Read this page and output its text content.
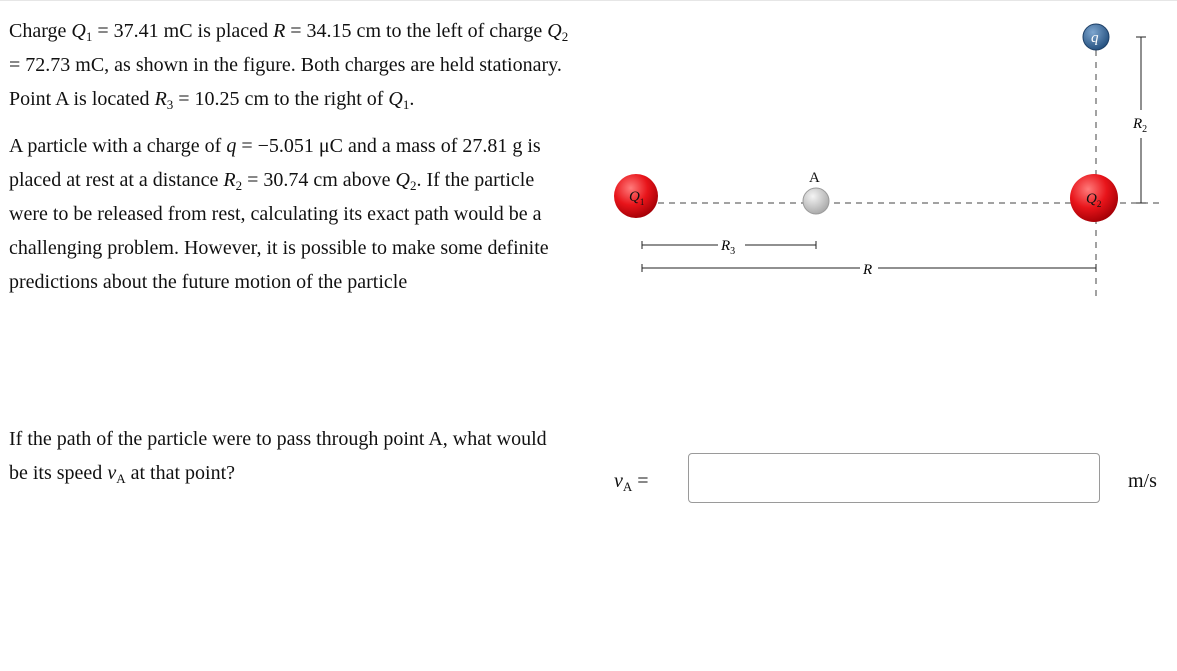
Charge $Q_1 = 37.41$ mC is placed R = 34.15 cm to the left of charge $Q_2 = 72.73$ mC, as shown in the figure. Both charges are held stationary. Point A is located $R_3 = 10.25$ cm to the right of $Q_1$.

A particle with a charge of q = −5.051 μC and a mass of 27.81 g is placed at rest at a distance $R_2 = 30.74$ cm above $Q_2$. If the particle were to be released from rest, calculating its exact path would be a challenging problem. However, it is possible to make some definite predictions about the future motion of the particle

$R_3$
R
$R_2$
$Q_1$	$Q_2$
q
A

If the path of the particle were to pass through point A, what would be its speed $v_A$ at that point?	$v_A$ =	m/s
